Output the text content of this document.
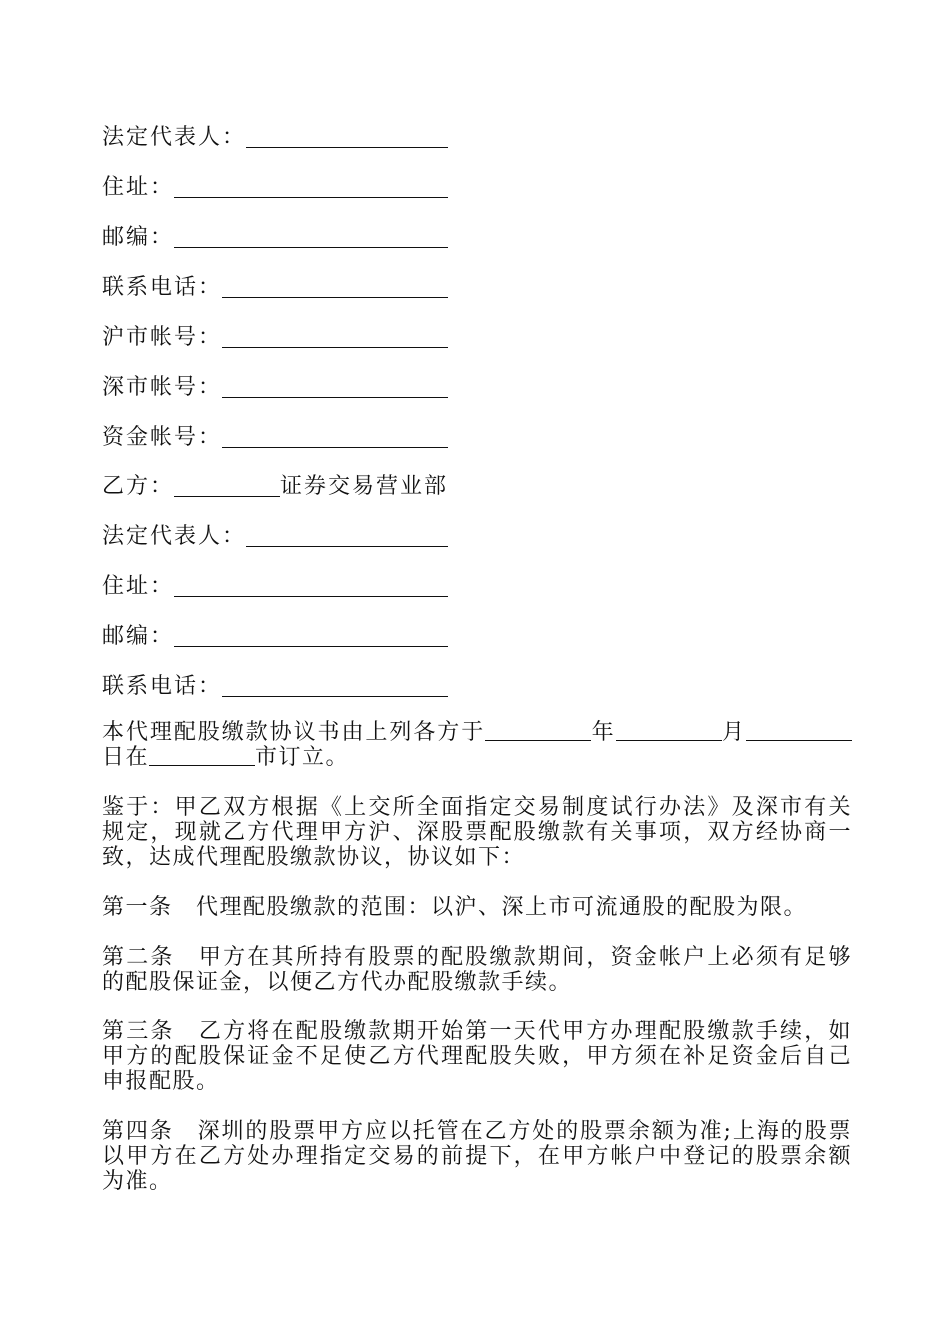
法定代表人：
住址：
邮编：
联系电话：
沪市帐号：
深市帐号：
资金帐号：
乙方：	证券交易营业部
法定代表人：
住址：
邮编：
联系电话：
本代理配股缴款协议书由上列各方于	年	月日在	市订立。
鉴于：甲乙双方根据《上交所全面指定交易制度试行办法》及深市有关规定，现就乙方代理甲方沪、深股票配股缴款有关事项，双方经协商一致，达成代理配股缴款协议，协议如下：
第一条  代理配股缴款的范围：以沪、深上市可流通股的配股为限。
第二条  甲方在其所持有股票的配股缴款期间，资金帐户上必须有足够的配股保证金，以便乙方代办配股缴款手续。
第三条  乙方将在配股缴款期开始第一天代甲方办理配股缴款手续，如甲方的配股保证金不足使乙方代理配股失败，甲方须在补足资金后自己申报配股。
第四条  深圳的股票甲方应以托管在乙方处的股票余额为准;上海的股票以甲方在乙方处办理指定交易的前提下，在甲方帐户中登记的股票余额为准。
